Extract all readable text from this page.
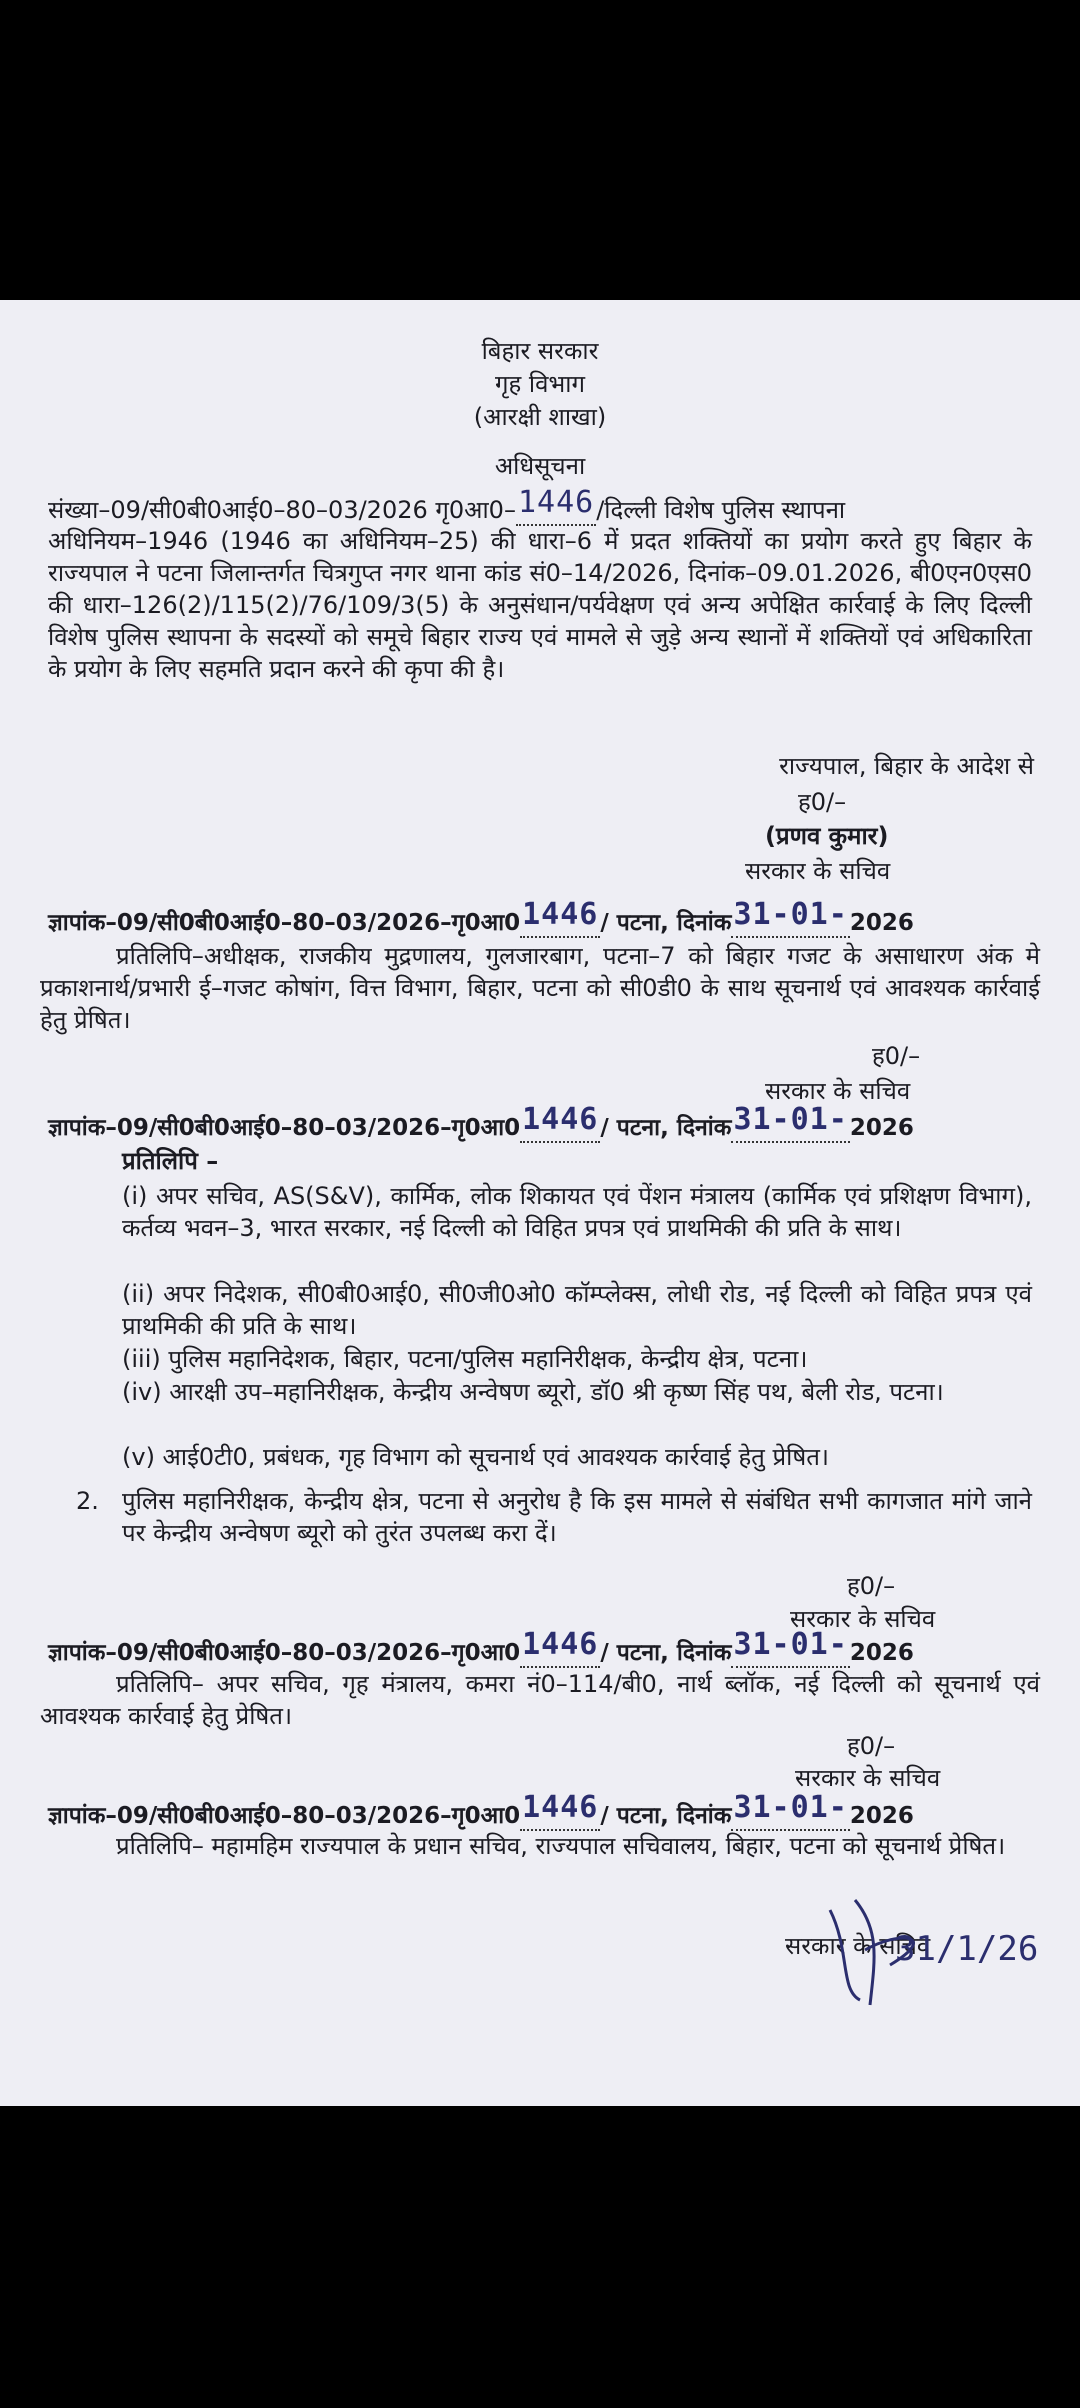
बिहार सरकार
गृह विभाग
(आरक्षी शाखा)
अधिसूचना
संख्या–09/सी0बी0आई0–80–03/2026 गृ0आ0–1446/दिल्ली विशेष पुलिस स्थापना
अधिनियम–1946 (1946 का अधिनियम–25) की धारा–6 में प्रदत शक्तियों का प्रयोग करते हुए बिहार के राज्यपाल ने पटना जिलान्तर्गत चित्रगुप्त नगर थाना कांड सं0–14/2026, दिनांक–09.01.2026, बी0एन0एस0 की धारा–126(2)/115(2)/76/109/3(5) के अनुसंधान/पर्यवेक्षण एवं अन्य अपेक्षित कार्रवाई के लिए दिल्ली विशेष पुलिस स्थापना के सदस्यों को समूचे बिहार राज्य एवं मामले से जुड़े अन्य स्थानों में शक्तियों एवं अधिकारिता के प्रयोग के लिए सहमति प्रदान करने की कृपा की है।
राज्यपाल, बिहार के आदेश से
ह0/–
(प्रणव कुमार)
सरकार के सचिव
ज्ञापांक–09/सी0बी0आई0–80–03/2026–गृ0आ01446/ पटना, दिनांक31-01-2026
प्रतिलिपि–अधीक्षक, राजकीय मुद्रणालय, गुलजारबाग, पटना–7 को बिहार गजट के असाधारण अंक मे प्रकाशनार्थ/प्रभारी ई–गजट कोषांग, वित्त विभाग, बिहार, पटना को सी0डी0 के साथ सूचनार्थ एवं आवश्यक कार्रवाई हेतु प्रेषित।
ह0/–
सरकार के सचिव
ज्ञापांक–09/सी0बी0आई0–80–03/2026–गृ0आ01446/ पटना, दिनांक31-01-2026
प्रतिलिपि –
(i) अपर सचिव, AS(S&V), कार्मिक, लोक शिकायत एवं पेंशन मंत्रालय (कार्मिक एवं प्रशिक्षण विभाग), कर्तव्य भवन–3, भारत सरकार, नई दिल्ली को विहित प्रपत्र एवं प्राथमिकी की प्रति के साथ।
(ii) अपर निदेशक, सी0बी0आई0, सी0जी0ओ0 कॉम्प्लेक्स, लोधी रोड, नई दिल्ली को विहित प्रपत्र एवं प्राथमिकी की प्रति के साथ।
(iii) पुलिस महानिदेशक, बिहार, पटना/पुलिस महानिरीक्षक, केन्द्रीय क्षेत्र, पटना।
(iv) आरक्षी उप–महानिरीक्षक, केन्द्रीय अन्वेषण ब्यूरो, डॉ0 श्री कृष्ण सिंह पथ, बेली रोड, पटना।
(v) आई0टी0, प्रबंधक, गृह विभाग को सूचनार्थ एवं आवश्यक कार्रवाई हेतु प्रेषित।
2. पुलिस महानिरीक्षक, केन्द्रीय क्षेत्र, पटना से अनुरोध है कि इस मामले से संबंधित सभी कागजात मांगे जाने पर केन्द्रीय अन्वेषण ब्यूरो को तुरंत उपलब्ध करा दें।
ह0/–
सरकार के सचिव
ज्ञापांक–09/सी0बी0आई0–80–03/2026–गृ0आ01446/ पटना, दिनांक31-01-2026
प्रतिलिपि– अपर सचिव, गृह मंत्रालय, कमरा नं0–114/बी0, नार्थ ब्लॉक, नई दिल्ली को सूचनार्थ एवं आवश्यक कार्रवाई हेतु प्रेषित।
ह0/–
सरकार के सचिव
ज्ञापांक–09/सी0बी0आई0–80–03/2026–गृ0आ01446/ पटना, दिनांक31-01-2026
प्रतिलिपि– महामहिम राज्यपाल के प्रधान सचिव, राज्यपाल सचिवालय, बिहार, पटना को सूचनार्थ प्रेषित।
सरकार के सचिव
31/1/26
